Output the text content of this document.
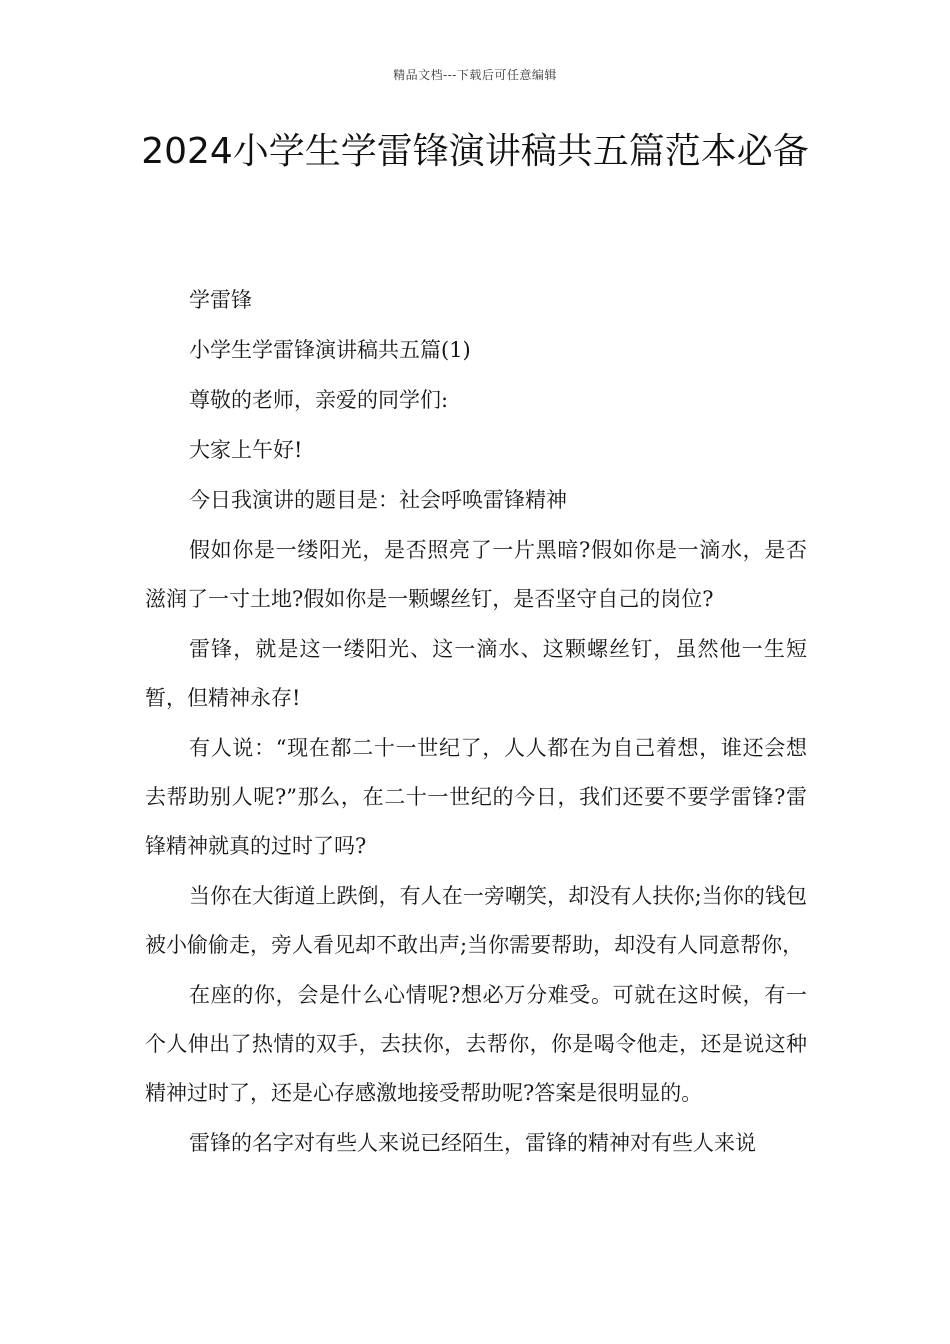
精品文档---下载后可任意编辑
2024小学生学雷锋演讲稿共五篇范本必备

学雷锋

小学生学雷锋演讲稿共五篇(1)

尊敬的老师，亲爱的同学们:

大家上午好!

今日我演讲的题目是：社会呼唤雷锋精神

假如你是一缕阳光，是否照亮了一片黑暗?假如你是一滴水，是否滋润了一寸土地?假如你是一颗螺丝钉，是否坚守自己的岗位?

雷锋，就是这一缕阳光、这一滴水、这颗螺丝钉，虽然他一生短暂，但精神永存!

有人说：“现在都二十一世纪了，人人都在为自己着想，谁还会想去帮助别人呢?”那么，在二十一世纪的今日，我们还要不要学雷锋?雷锋精神就真的过时了吗?

当你在大街道上跌倒，有人在一旁嘲笑，却没有人扶你;当你的钱包被小偷偷走，旁人看见却不敢出声;当你需要帮助，却没有人同意帮你，

在座的你，会是什么心情呢?想必万分难受。可就在这时候，有一个人伸出了热情的双手，去扶你，去帮你，你是喝令他走，还是说这种精神过时了，还是心存感激地接受帮助呢?答案是很明显的。

雷锋的名字对有些人来说已经陌生，雷锋的精神对有些人来说
